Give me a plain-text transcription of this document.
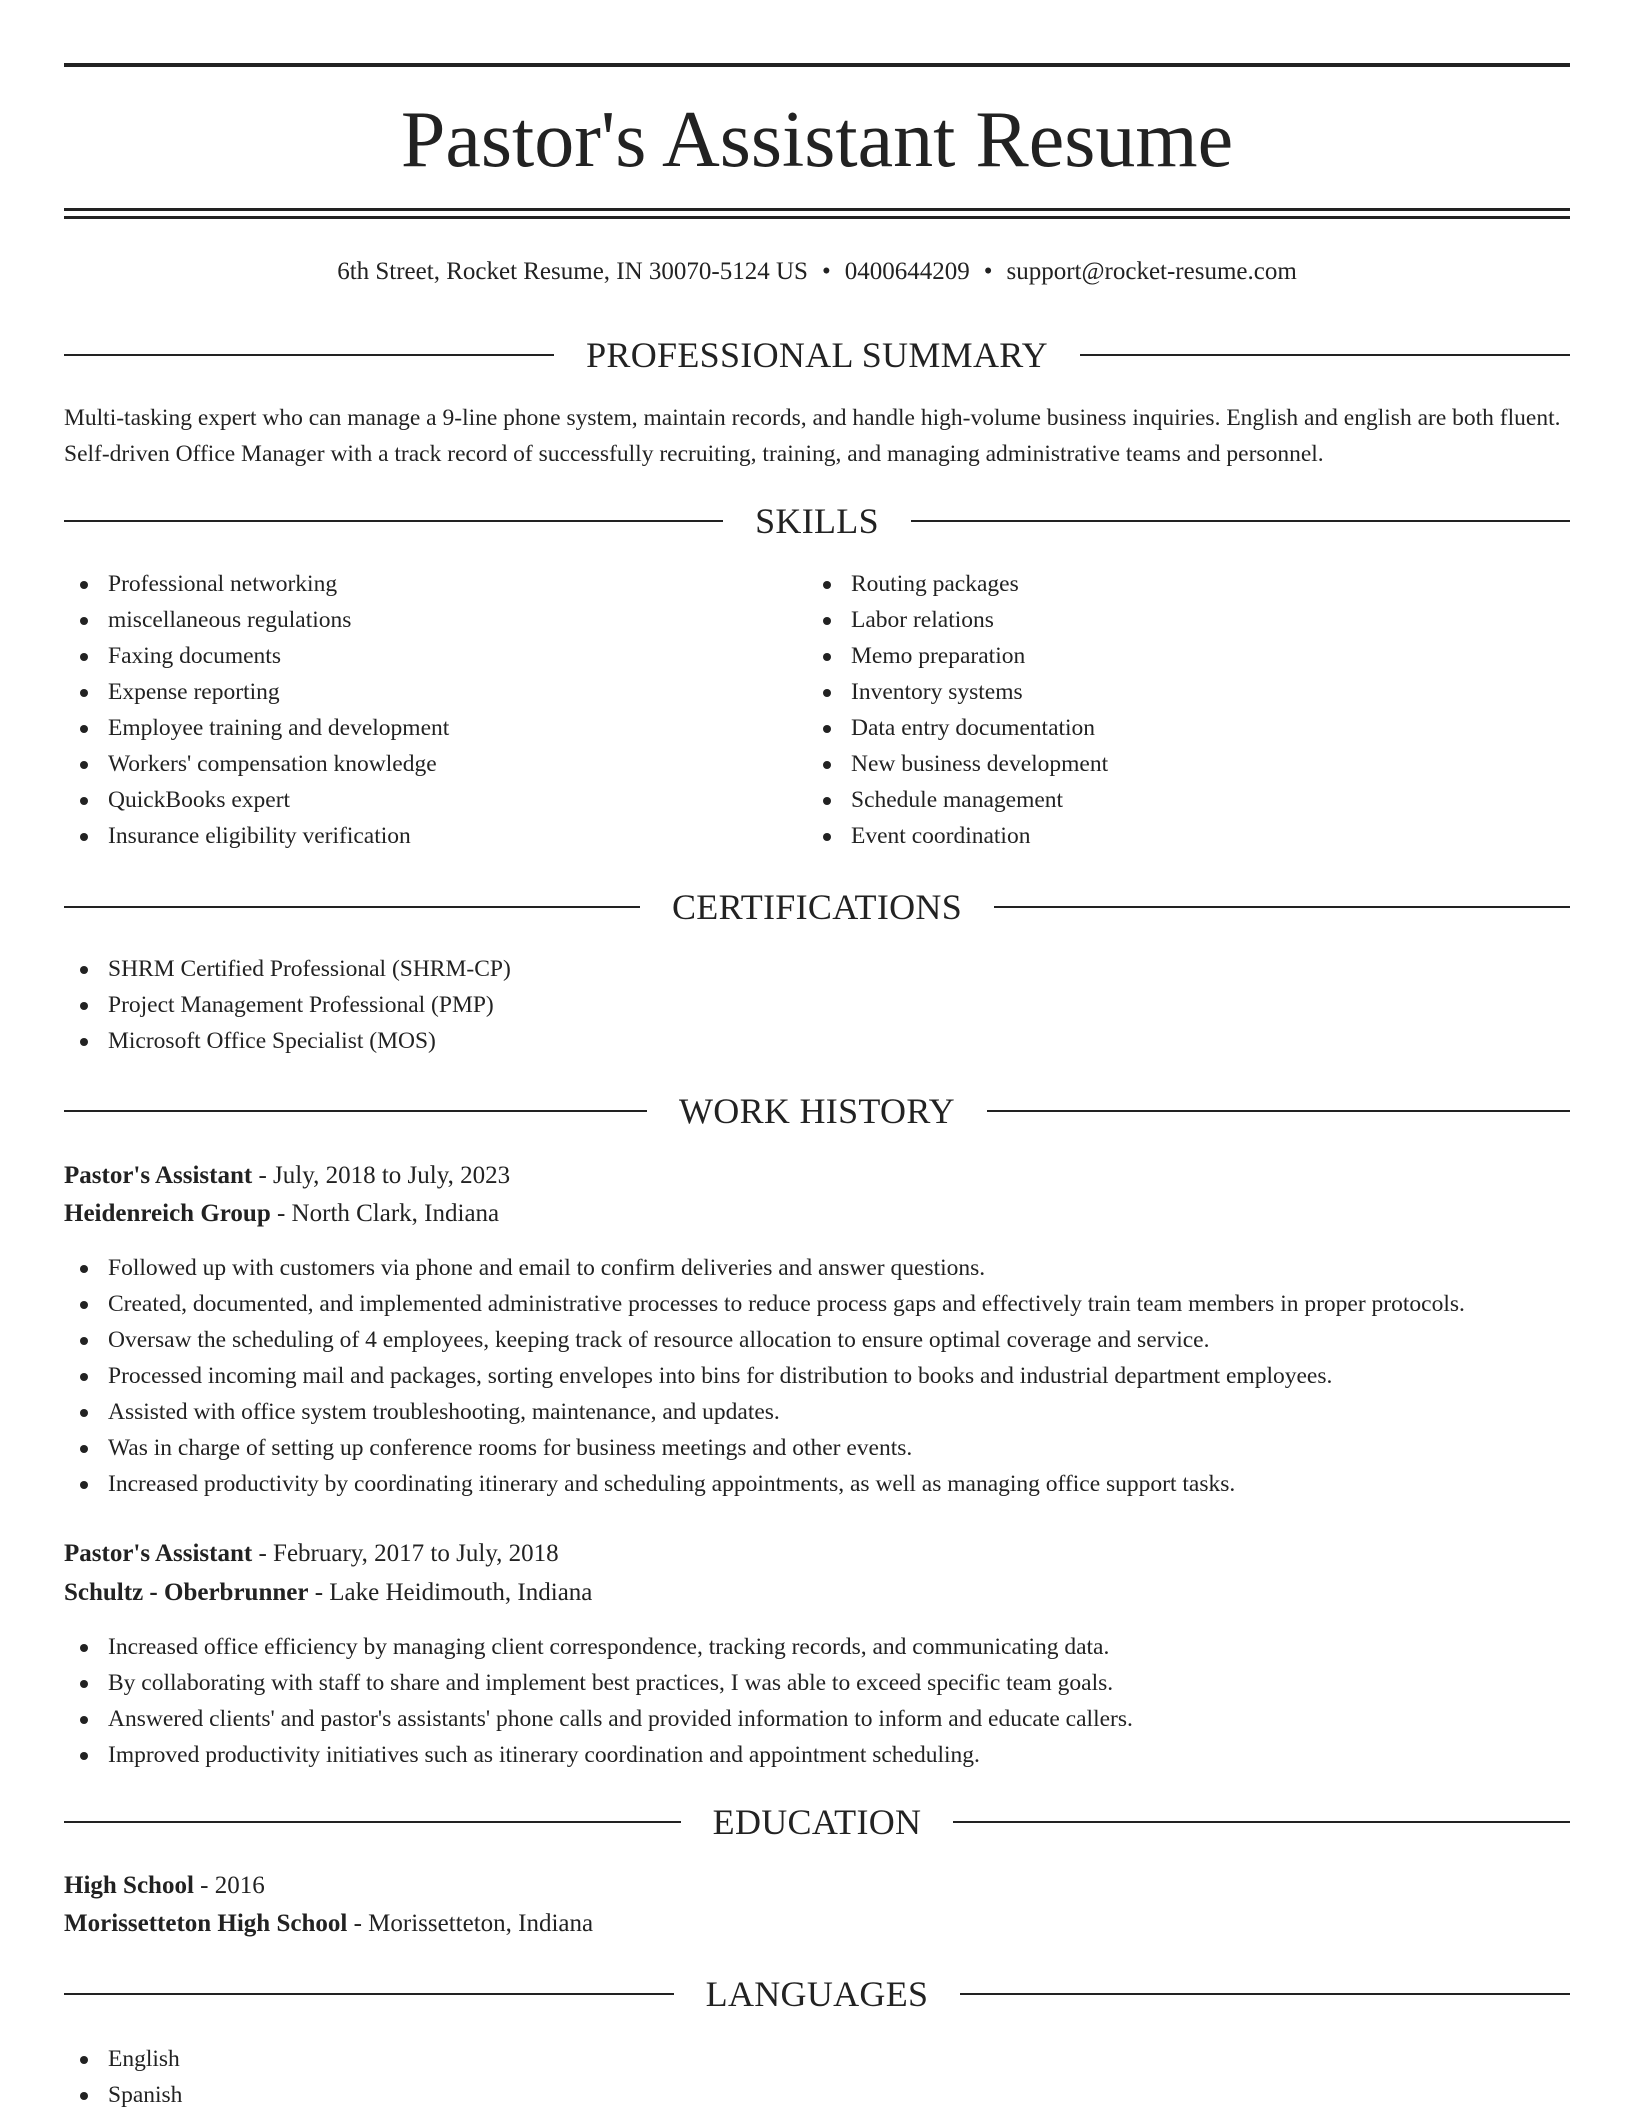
Pastor's Assistant Resume
6th Street, Rocket Resume, IN 30070-5124 US • 0400644209 • support@rocket-resume.com
PROFESSIONAL SUMMARY

Multi-tasking expert who can manage a 9-line phone system, maintain records, and handle high-volume business inquiries. English and english are both fluent. Self-driven Office Manager with a track record of successfully recruiting, training, and managing administrative teams and personnel.

SKILLS
Professional networking
miscellaneous regulations
Faxing documents
Expense reporting
Employee training and development
Workers' compensation knowledge
QuickBooks expert
Insurance eligibility verification
Routing packages
Labor relations
Memo preparation
Inventory systems
Data entry documentation
New business development
Schedule management
Event coordination
CERTIFICATIONS
SHRM Certified Professional (SHRM-CP)
Project Management Professional (PMP)
Microsoft Office Specialist (MOS)
WORK HISTORY
Pastor's Assistant - July, 2018 to July, 2023
Heidenreich Group - North Clark, Indiana
Followed up with customers via phone and email to confirm deliveries and answer questions.
Created, documented, and implemented administrative processes to reduce process gaps and effectively train team members in proper protocols.
Oversaw the scheduling of 4 employees, keeping track of resource allocation to ensure optimal coverage and service.
Processed incoming mail and packages, sorting envelopes into bins for distribution to books and industrial department employees.
Assisted with office system troubleshooting, maintenance, and updates.
Was in charge of setting up conference rooms for business meetings and other events.
Increased productivity by coordinating itinerary and scheduling appointments, as well as managing office support tasks.
Pastor's Assistant - February, 2017 to July, 2018
Schultz - Oberbrunner - Lake Heidimouth, Indiana
Increased office efficiency by managing client correspondence, tracking records, and communicating data.
By collaborating with staff to share and implement best practices, I was able to exceed specific team goals.
Answered clients' and pastor's assistants' phone calls and provided information to inform and educate callers.
Improved productivity initiatives such as itinerary coordination and appointment scheduling.
EDUCATION
High School - 2016
Morissetteton High School - Morissetteton, Indiana
LANGUAGES
English
Spanish
